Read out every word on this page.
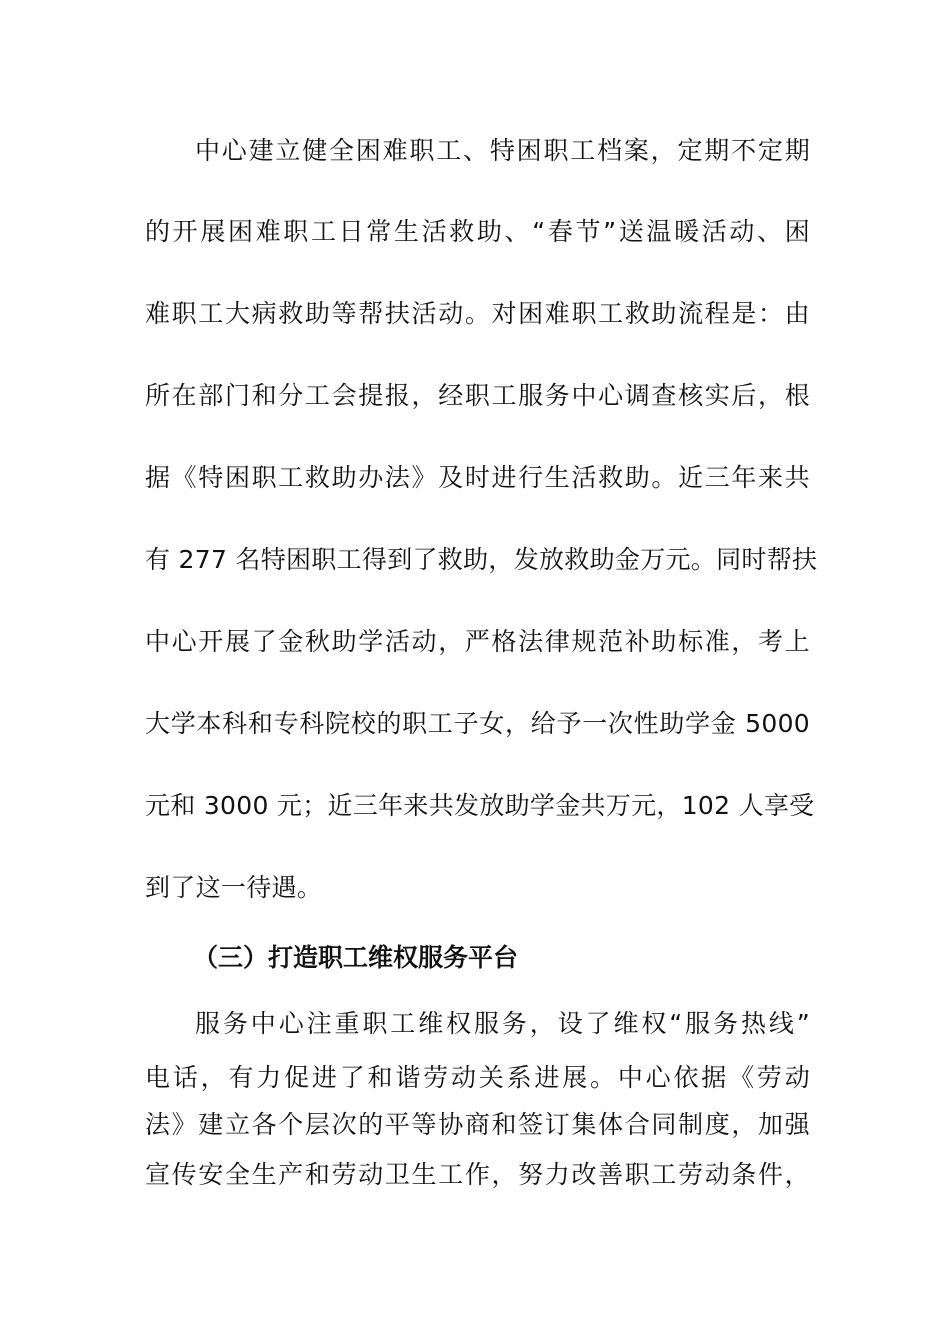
中心建立健全困难职工、特困职工档案，定期不定期
的开展困难职工日常生活救助、“春节”送温暖活动、困
难职工大病救助等帮扶活动。对困难职工救助流程是：由
所在部门和分工会提报，经职工服务中心调查核实后，根
据《特困职工救助办法》及时进行生活救助。近三年来共
有 277 名特困职工得到了救助，发放救助金万元。同时帮扶
中心开展了金秋助学活动，严格法律规范补助标准，考上
大学本科和专科院校的职工子女，给予一次性助学金 5000
元和 3000 元；近三年来共发放助学金共万元，102 人享受
到了这一待遇。
（三）打造职工维权服务平台
服务中心注重职工维权服务，设了维权“服务热线”
电话，有力促进了和谐劳动关系进展。中心依据《劳动
法》建立各个层次的平等协商和签订集体合同制度，加强
宣传安全生产和劳动卫生工作，努力改善职工劳动条件，
